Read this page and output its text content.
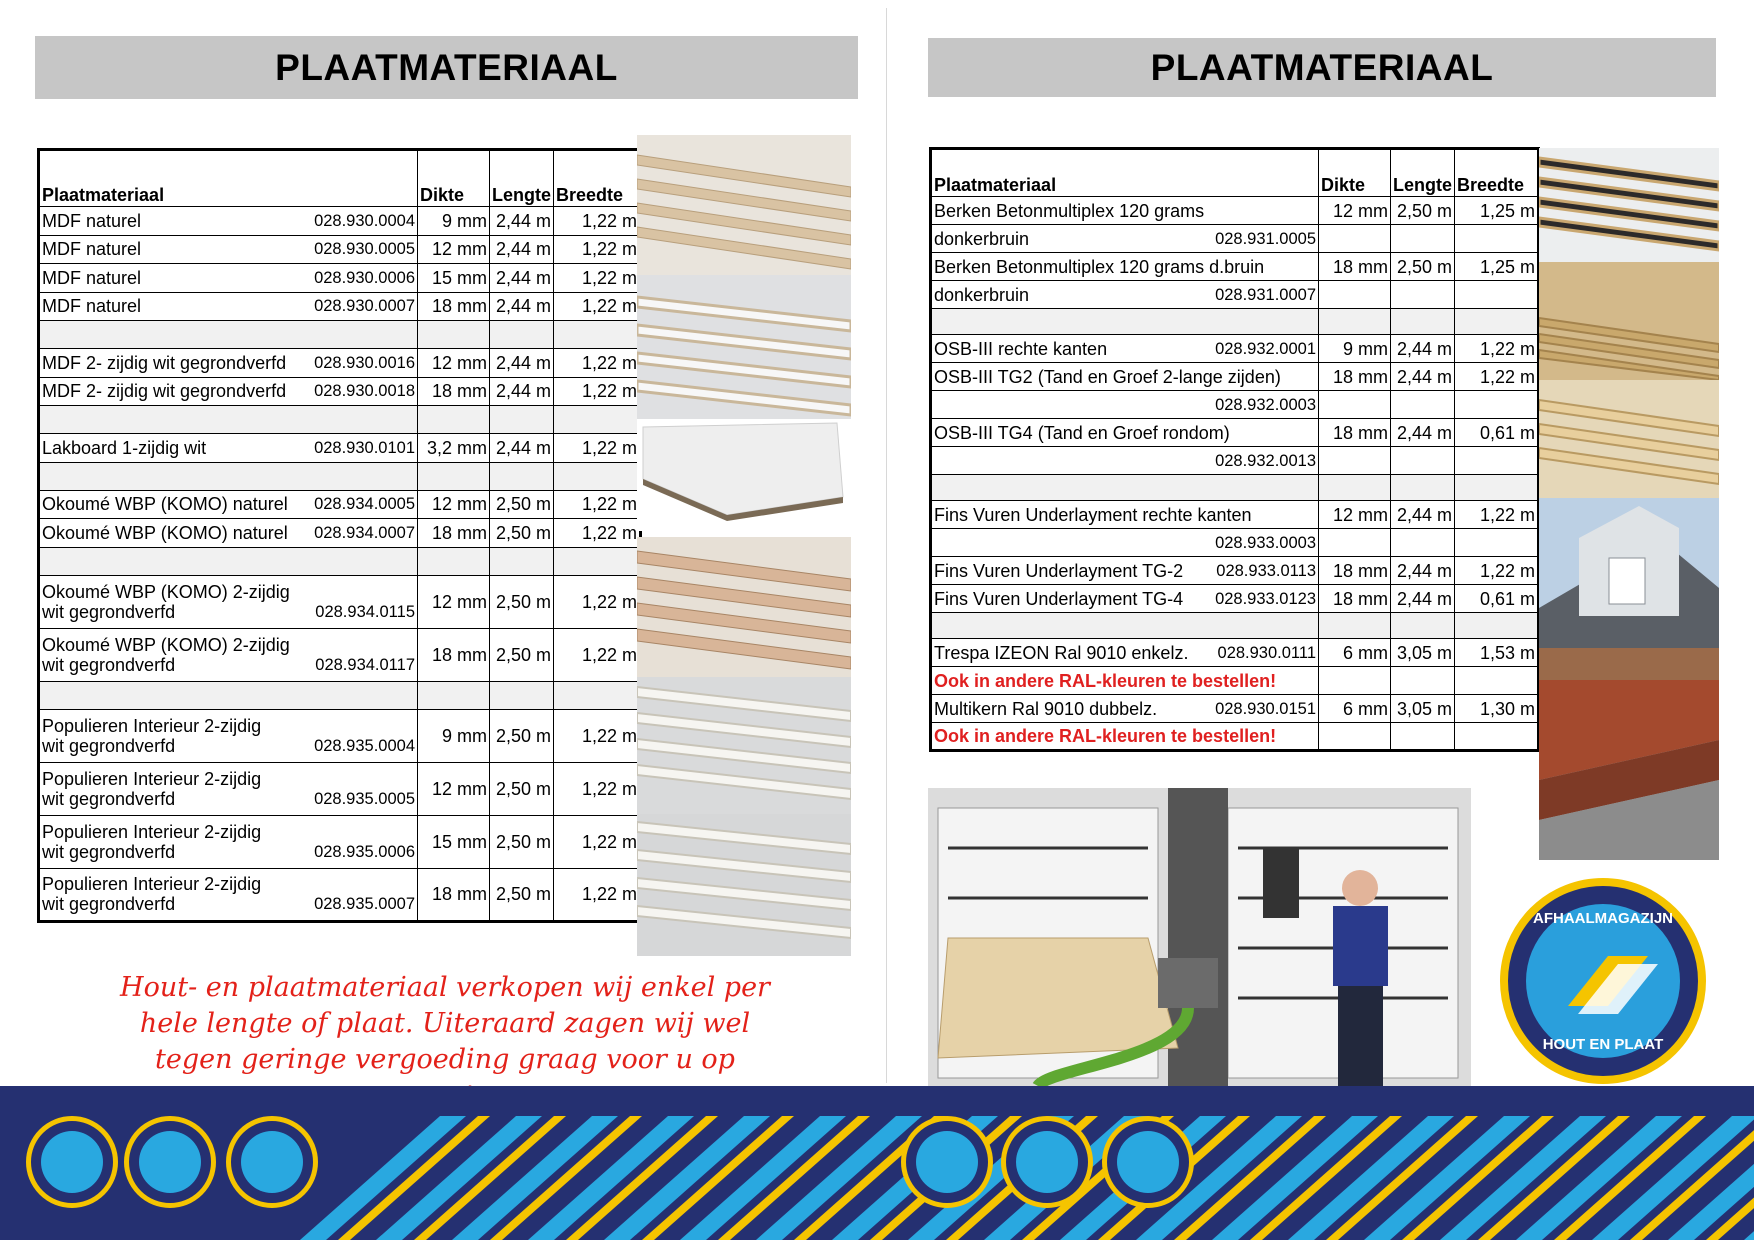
PLAATMATERIAAL
Plaatmateriaal	Dikte	Lengte	Breedte

MDF naturel 028.930.0004	9 mm	2,44 m	1,22 m

MDF naturel 028.930.0005	12 mm	2,44 m	1,22 m

MDF naturel 028.930.0006	15 mm	2,44 m	1,22 m

MDF naturel 028.930.0007	18 mm	2,44 m	1,22 m

MDF 2- zijdig wit gegrondverfd 028.930.0016	12 mm	2,44 m	1,22 m

MDF 2- zijdig wit gegrondverfd 028.930.0018	18 mm	2,44 m	1,22 m

Lakboard 1-zijdig wit 028.930.0101	3,2 mm	2,44 m	1,22 m

Okoumé WBP (KOMO) naturel 028.934.0005	12 mm	2,50 m	1,22 m

Okoumé WBP (KOMO) naturel 028.934.0007	18 mm	2,50 m	1,22 m

Okoumé WBP (KOMO) 2-zijdig
wit gegrondverfd 028.934.0115	12 mm	2,50 m	1,22 m

Okoumé WBP (KOMO) 2-zijdig
wit gegrondverfd 028.934.0117	18 mm	2,50 m	1,22 m

Populieren Interieur 2-zijdig
wit gegrondverfd 028.935.0004	9 mm	2,50 m	1,22 m

Populieren Interieur 2-zijdig
wit gegrondverfd 028.935.0005	12 mm	2,50 m	1,22 m

Populieren Interieur 2-zijdig
wit gegrondverfd 028.935.0006	15 mm	2,50 m	1,22 m

Populieren Interieur 2-zijdig
wit gegrondverfd 028.935.0007	18 mm	2,50 m	1,22 m
Hout- en plaatmateriaal verkopen wij enkel per hele lengte of plaat. Uiteraard zagen wij wel tegen geringe vergoeding graag voor u op
PLAATMATERIAAL
Plaatmateriaal	Dikte	Lengte	Breedte

Berken Betonmultiplex 120 grams	12 mm	2,50 m	1,25 m

donkerbruin 028.931.0005			

Berken Betonmultiplex 120 grams d.bruin	18 mm	2,50 m	1,25 m

donkerbruin 028.931.0007			

OSB-III rechte kanten 028.932.0001	9 mm	2,44 m	1,22 m

OSB-III TG2 (Tand en Groef 2-lange zijden)	18 mm	2,44 m	1,22 m

028.932.0003			

OSB-III TG4 (Tand en Groef rondom)	18 mm	2,44 m	0,61 m

028.932.0013			

Fins Vuren Underlayment rechte kanten	12 mm	2,44 m	1,22 m

028.933.0003			

Fins Vuren Underlayment TG-2 028.933.0113	18 mm	2,44 m	1,22 m

Fins Vuren Underlayment TG-4 028.933.0123	18 mm	2,44 m	0,61 m

Trespa IZEON Ral 9010 enkelz. 028.930.0111	6 mm	3,05 m	1,53 m
Ook in andere RAL-kleuren te bestellen!			

Multikern Ral 9010 dubbelz. 028.930.0151	6 mm	3,05 m	1,30 m
Ook in andere RAL-kleuren te bestellen!			
AFHAALMAGAZIJN
HOUT EN PLAAT
